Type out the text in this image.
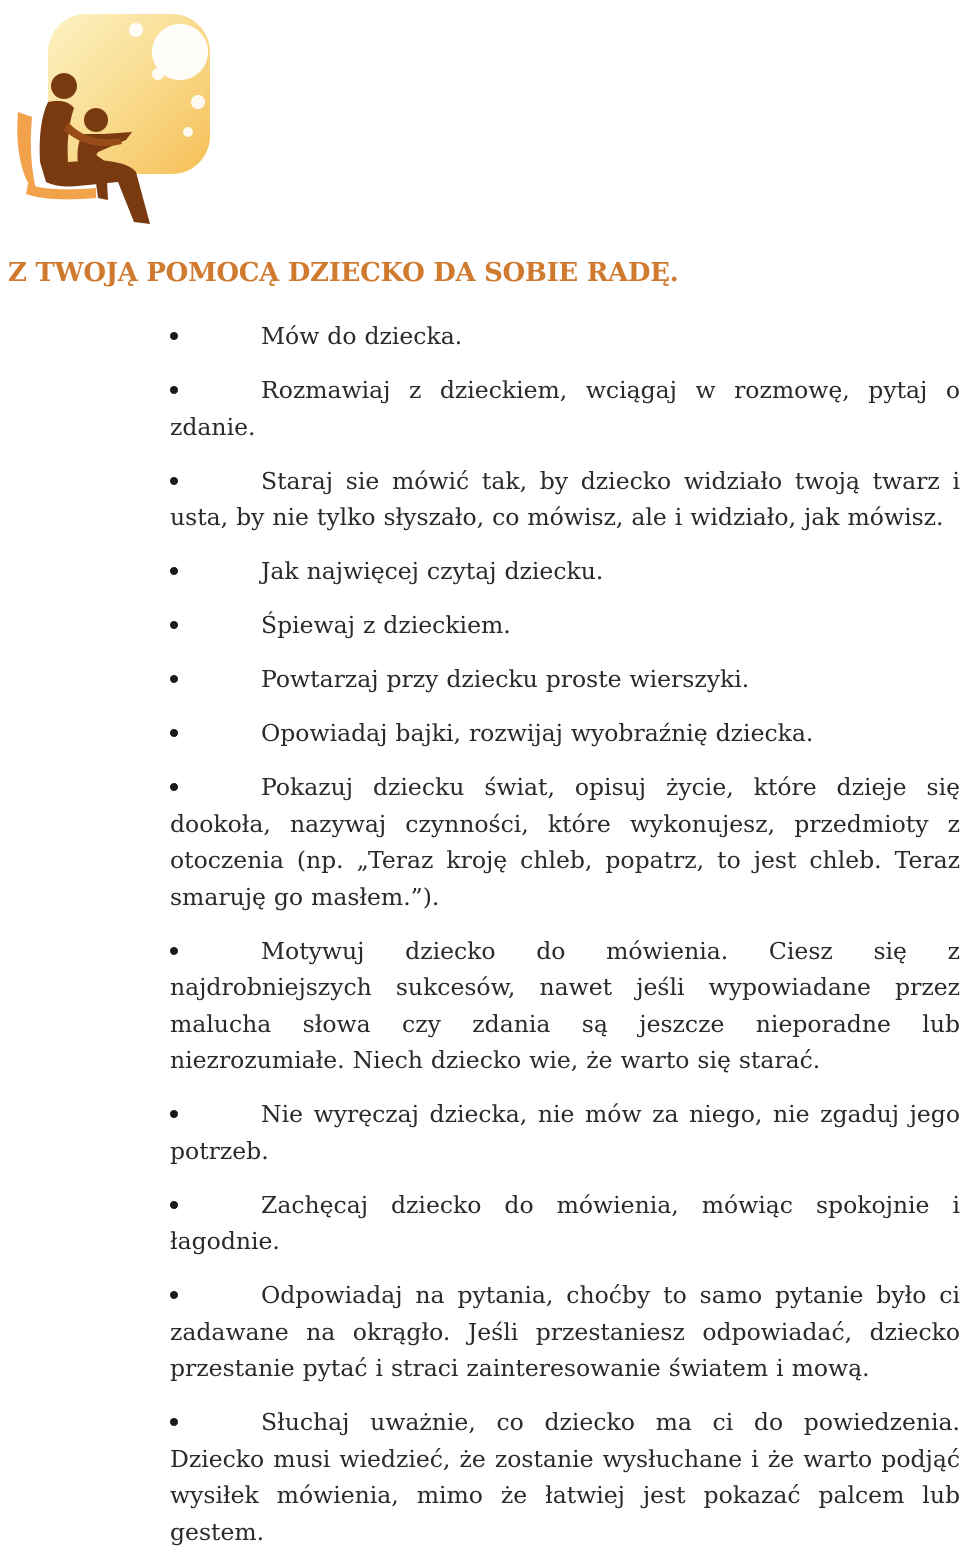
Z TWOJĄ POMOCĄ DZIECKO DA SOBIE RADĘ.
Mów do dziecka.
Rozmawiaj z dzieckiem, wciągaj w rozmowę, pytaj o zdanie.
Staraj sie mówić tak, by dziecko widziało twoją twarz i usta, by nie tylko słyszało, co mówisz, ale i widziało, jak mówisz.
Jak najwięcej czytaj dziecku.
Śpiewaj z dzieckiem.
Powtarzaj przy dziecku proste wierszyki.
Opowiadaj bajki, rozwijaj wyobraźnię dziecka.
Pokazuj dziecku świat, opisuj życie, które dzieje się dookoła, nazywaj czynności, które wykonujesz, przedmioty z otoczenia (np. „Teraz kroję chleb, popatrz, to jest chleb. Teraz smaruję go masłem.”).
Motywuj dziecko do mówienia. Ciesz się z najdrobniejszych sukcesów, nawet jeśli wypowiadane przez malucha słowa czy zdania są jeszcze nieporadne lub niezrozumiałe. Niech dziecko wie, że warto się starać.
Nie wyręczaj dziecka, nie mów za niego, nie zgaduj jego potrzeb.
Zachęcaj dziecko do mówienia, mówiąc spokojnie i łagodnie.
Odpowiadaj na pytania, choćby to samo pytanie było ci zadawane na okrągło. Jeśli przestaniesz odpowiadać, dziecko przestanie pytać i straci zainteresowanie światem i mową.
Słuchaj uważnie, co dziecko ma ci do powiedzenia. Dziecko musi wiedzieć, że zostanie wysłuchane i że warto podjąć wysiłek mówienia, mimo że łatwiej jest pokazać palcem lub gestem.
